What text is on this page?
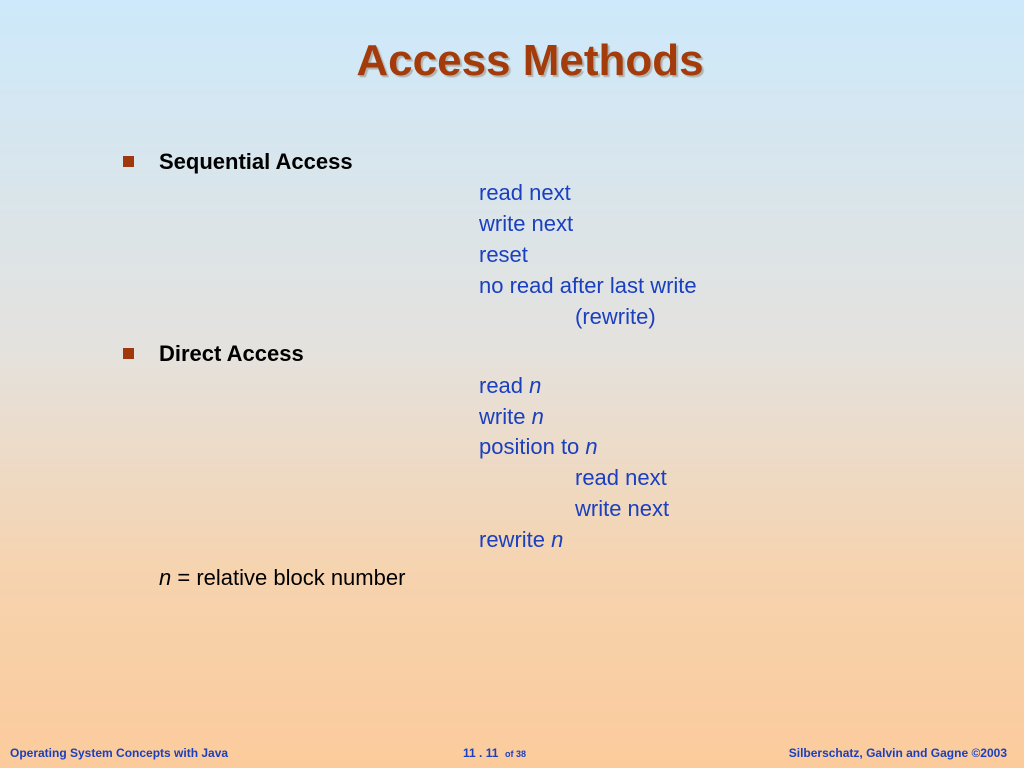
Access Methods
Sequential Access
read next
write next
reset
no read after last write
(rewrite)
Direct Access
read n
write n
position to n
read next
write next
rewrite n
n = relative block number
Operating System Concepts with Java	11 . 11 of 38	Silberschatz, Galvin and Gagne ©2003
